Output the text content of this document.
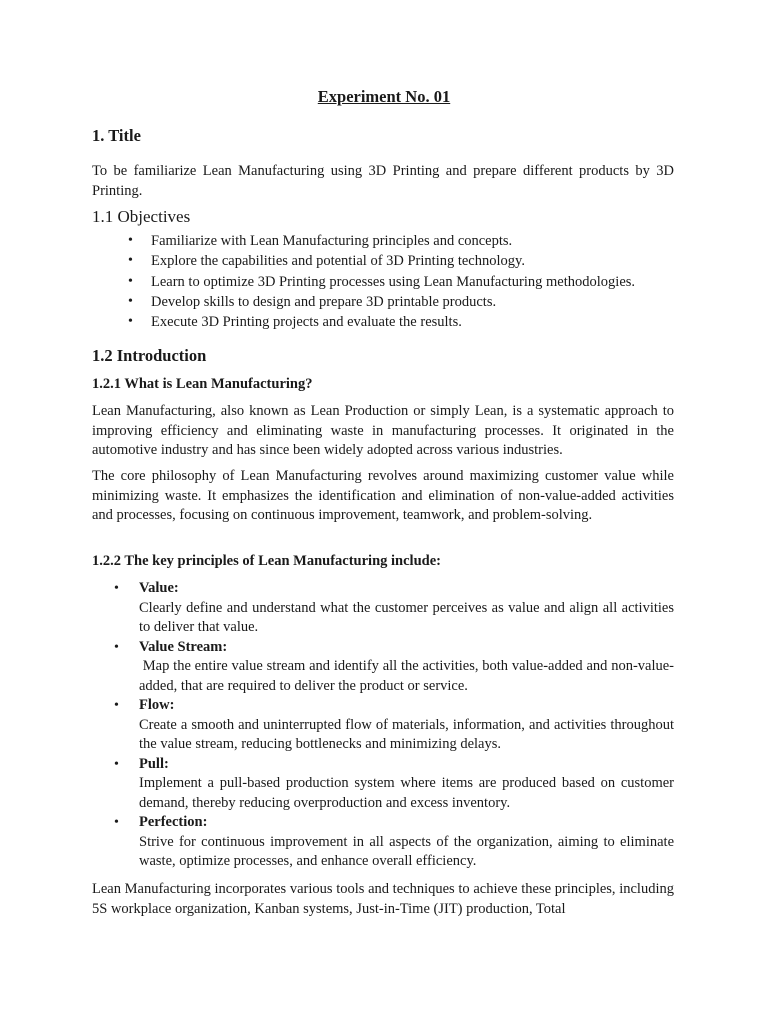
Experiment No. 01
1. Title
To be familiarize Lean Manufacturing using 3D Printing and prepare different products by 3D Printing.
1.1 Objectives
• Familiarize with Lean Manufacturing principles and concepts.
• Explore the capabilities and potential of 3D Printing technology.
• Learn to optimize 3D Printing processes using Lean Manufacturing methodologies.
• Develop skills to design and prepare 3D printable products.
• Execute 3D Printing projects and evaluate the results.
1.2 Introduction
1.2.1 What is Lean Manufacturing?
Lean Manufacturing, also known as Lean Production or simply Lean, is a systematic approach to improving efficiency and eliminating waste in manufacturing processes. It originated in the automotive industry and has since been widely adopted across various industries.
The core philosophy of Lean Manufacturing revolves around maximizing customer value while minimizing waste. It emphasizes the identification and elimination of non-value-added activities and processes, focusing on continuous improvement, teamwork, and problem-solving.
1.2.2 The key principles of Lean Manufacturing include:
• Value:
Clearly define and understand what the customer perceives as value and align all activities to deliver that value.
• Value Stream:
Map the entire value stream and identify all the activities, both value-added and non-value-added, that are required to deliver the product or service.
• Flow:
Create a smooth and uninterrupted flow of materials, information, and activities throughout the value stream, reducing bottlenecks and minimizing delays.
• Pull:
Implement a pull-based production system where items are produced based on customer demand, thereby reducing overproduction and excess inventory.
• Perfection:
Strive for continuous improvement in all aspects of the organization, aiming to eliminate waste, optimize processes, and enhance overall efficiency.
Lean Manufacturing incorporates various tools and techniques to achieve these principles, including 5S workplace organization, Kanban systems, Just-in-Time (JIT) production, Total
